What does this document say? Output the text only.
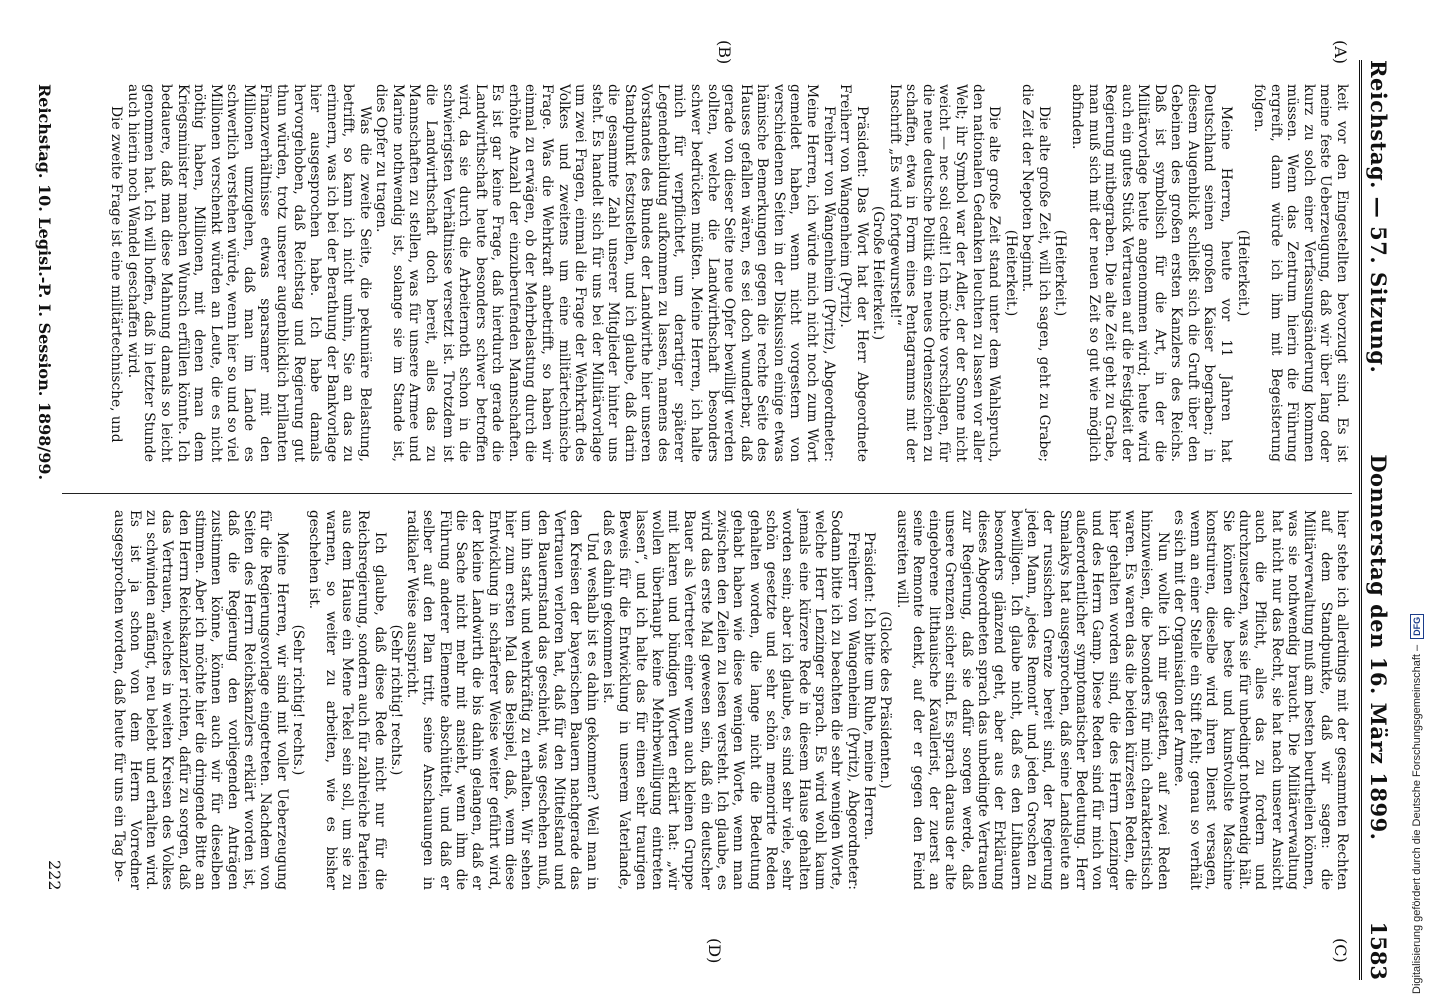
Reichstag. — 57. Sitzung.
Donnerstag den 16. März 1899.
1583
(A)
(B)
(C)
(D)

keit vor den Eingestellten bevorzugt sind. Es ist meine feste Ueberzeugung, daß wir über lang oder kurz zu solch einer Verfassungsänderung kommen müssen. Wenn das Zentrum hierin die Führung ergreift, dann würde ich ihm mit Begeisterung folgen.

(Heiterkeit.)

Meine Herren, heute vor 11 Jahren hat Deutschland seinen großen Kaiser begraben; in diesem Augenblick schließt sich die Gruft über den Gebeinen des großen ersten Kanzlers des Reichs. Daß ist symbolisch für die Art, in der die Militärvorlage heute angenommen wird; heute wird auch ein gutes Stück Vertrauen auf die Festigkeit der Regierung mitbegraben. Die alte Zeit geht zu Grabe, man muß sich mit der neuen Zeit so gut wie möglich abfinden.

(Heiterkeit.)

Die alte große Zeit, will ich sagen, geht zu Grabe; die Zeit der Nepoten beginnt.

(Heiterkeit.)

Die alte große Zeit stand unter dem Wahlspruch, den nationalen Gedanken leuchten zu lassen vor aller Welt; ihr Symbol war der Adler, der der Sonne nicht weicht — nec soli cedit! Ich möchte vorschlagen, für die neue deutsche Politik ein neues Ordenszeichen zu schaffen, etwa in Form eines Pentagramms mit der Inschrift „Es wird fortgewurstelt!“

(Große Heiterkeit.)

Präsident: Das Wort hat der Herr Abgeordnete Freiherr von Wangenheim (Pyritz).

Freiherr von Wangenheim (Pyritz), Abgeordneter: Meine Herren, ich würde mich nicht noch zum Wort gemeldet haben, wenn nicht vorgestern von verschiedenen Seiten in der Diskussion einige etwas hämische Bemerkungen gegen die rechte Seite des Hauses gefallen wären, es sei doch wunderbar, daß gerade von dieser Seite neue Opfer bewilligt werden sollten, welche die Landwirthschaft besonders schwer bedrücken müßten. Meine Herren, ich halte mich für verpflichtet, um derartiger späterer Legendenbildung aufkommen zu lassen, namens des Vorstandes des Bundes der Landwirthe hier unseren Standpunkt festzustellen, und ich glaube, daß darin die gesammte Zahl unserer Mitglieder hinter uns steht. Es handelt sich für uns bei der Militärvorlage um zwei Fragen, einmal die Frage der Wehrkraft des Volkes und zweitens um eine militärtechnische Frage. Was die Wehrkraft anbetrifft, so haben wir einmal zu erwägen, ob der Mehrbelastung durch die erhöhte Anzahl der einzuberufenden Mannschaften. Es ist gar keine Frage, daß hierdurch gerade die Landwirthschaft heute besonders schwer betroffen wird, da sie durch die Arbeiternoth schon in die schwierigsten Verhältnisse versetzt ist. Trotzdem ist die Landwirthschaft doch bereit, alles das zu Mannschaften zu stellen, was für unsere Armee und Marine nothwendig ist, solange sie im Stande ist, dies Opfer zu tragen.

Was die zweite Seite, die pekuniäre Belastung, betrifft, so kann ich nicht umhin, Sie an das zu erinnern, was ich bei der Berathung der Bankvorlage hier ausgesprochen habe. Ich habe damals hervorgehoben, daß Reichstag und Regierung gut thun würden, trotz unserer augenblicklich brillanten Finanzverhältnisse etwas sparsamer mit den Millionen umzugehen, daß man im Lande es schwerlich verstehen würde, wenn hier so und so viel Millionen verschenkt würden an Leute, die es nicht nöthig haben, Millionen, mit denen man dem Kriegsminister manchen Wunsch erfüllen könnte. Ich bedauere, daß man diese Mahnung damals so leicht genommen hat. Ich will hoffen, daß in letzter Stunde auch hierin noch Wandel geschaffen wird.

Die zweite Frage ist eine militärtechnische, und

hier stehe ich allerdings mit der gesammten Rechten auf dem Standpunkte, daß wir sagen: die Militärverwaltung muß am besten beurtheilen können, was sie nothwendig braucht. Die Militärverwaltung hat nicht nur das Recht, sie hat nach unserer Ansicht auch die Pflicht, alles das zu fordern und durchzusetzen, was sie für unbedingt nothwendig hält. Sie können die beste und kunstvollste Maschine konstruiren, dieselbe wird ihren Dienst versagen, wenn an einer Stelle ein Stift fehlt; genau so verhält es sich mit der Organisation der Armee.

Nun wollte ich mir gestatten, auf zwei Reden hinzuweisen, die besonders für mich charakteristisch waren. Es waren das die beiden kürzesten Reden, die hier gehalten worden sind, die des Herrn Lenzinger und des Herrn Gamp. Diese Reden sind für mich von außerordentlicher symptomatischer Bedeutung. Herr Smalakys hat ausgesprochen, daß seine Landsleute an der russischen Grenze bereit sind, der Regierung jeden Mann, „jedes Remont“ und jeden Groschen zu bewilligen. Ich glaube nicht, daß es den Lithauern besonders glänzend geht, aber aus der Erklärung dieses Abgeordneten sprach das unbedingte Vertrauen zur Regierung, daß sie dafür sorgen werde, daß unsere Grenzen sicher sind. Es sprach daraus der alte eingeborene litthauische Kavallerist, der zuerst an seine Remonte denkt, auf der er gegen den Feind ausreiten will.

(Glocke des Präsidenten.)

Präsident: Ich bitte um Ruhe, meine Herren.

Freiherr von Wangenheim (Pyritz), Abgeordneter: Sodann bitte ich zu beachten die sehr wenigen Worte, welche Herr Lenzinger sprach. Es wird wohl kaum jemals eine kürzere Rede in diesem Hause gehalten worden sein; aber ich glaube, es sind sehr viele, sehr schön gesetzte und sehr schön memorirte Reden gehalten worden, die lange nicht die Bedeutung gehabt haben wie diese wenigen Worte, wenn man zwischen den Zeilen zu lesen versteht. Ich glaube, es wird das erste Mal gewesen sein, daß ein deutscher Bauer als Vertreter einer wenn auch kleinen Gruppe mit klaren und bündigen Worten erklärt hat: „wir wollen überhaupt keine Mehrbewilligung eintreten lassen“, und ich halte das für einen sehr traurigen Beweis für die Entwicklung in unserem Vaterlande, daß es dahin gekommen ist.

Und weshalb ist es dahin gekommen? Weil man in den Kreisen der bayerischen Bauern nachgerade das Vertrauen verloren hat, daß für den Mittelstand und den Bauernstand das geschieht, was geschehen muß, um ihn stark und wehrkräftig zu erhalten. Wir sehen hier zum ersten Mal das Beispiel, daß, wenn diese Entwicklung in schärferer Weise weiter geführt wird, der kleine Landwirth die bis dahin gelangen, daß er die Sache nicht mehr mit ansieht, wenn ihm die Führung anderer Elemente abschüttelt, und daß er selber auf den Plan tritt, seine Anschauungen in radikaler Weise ausspricht.

(Sehr richtig! rechts.)

Ich glaube, daß diese Rede nicht nur für die Reichsregierung, sondern auch für zahlreiche Parteien aus dem Hause ein Mene Tekel sein soll, um sie zu warnen, so weiter zu arbeiten, wie es bisher geschehen ist.

(Sehr richtig! rechts.)

Meine Herren, wir sind mit voller Ueberzeugung für die Regierungsvorlage eingetreten. Nachdem von Seiten des Herrn Reichskanzlers erklärt worden ist, daß die Regierung den vorliegenden Anträgen zustimmen könne, können auch wir für dieselben stimmen. Aber ich möchte hier die dringende Bitte an den Herrn Reichskanzler richten, dafür zu sorgen, daß das Vertrauen, welches in weiten Kreisen des Volkes zu schwinden anfängt, neu belebt und erhalten wird. Es ist ja schon von dem Herrn Vorredner ausgesprochen worden, daß heute für uns ein Tag be-

Reichstag. 10. Legisl.-P. I. Session. 1898/99.
222	Digitalisierung gefördert durch die Deutsche Forschungsgemeinschaft –
DFG
